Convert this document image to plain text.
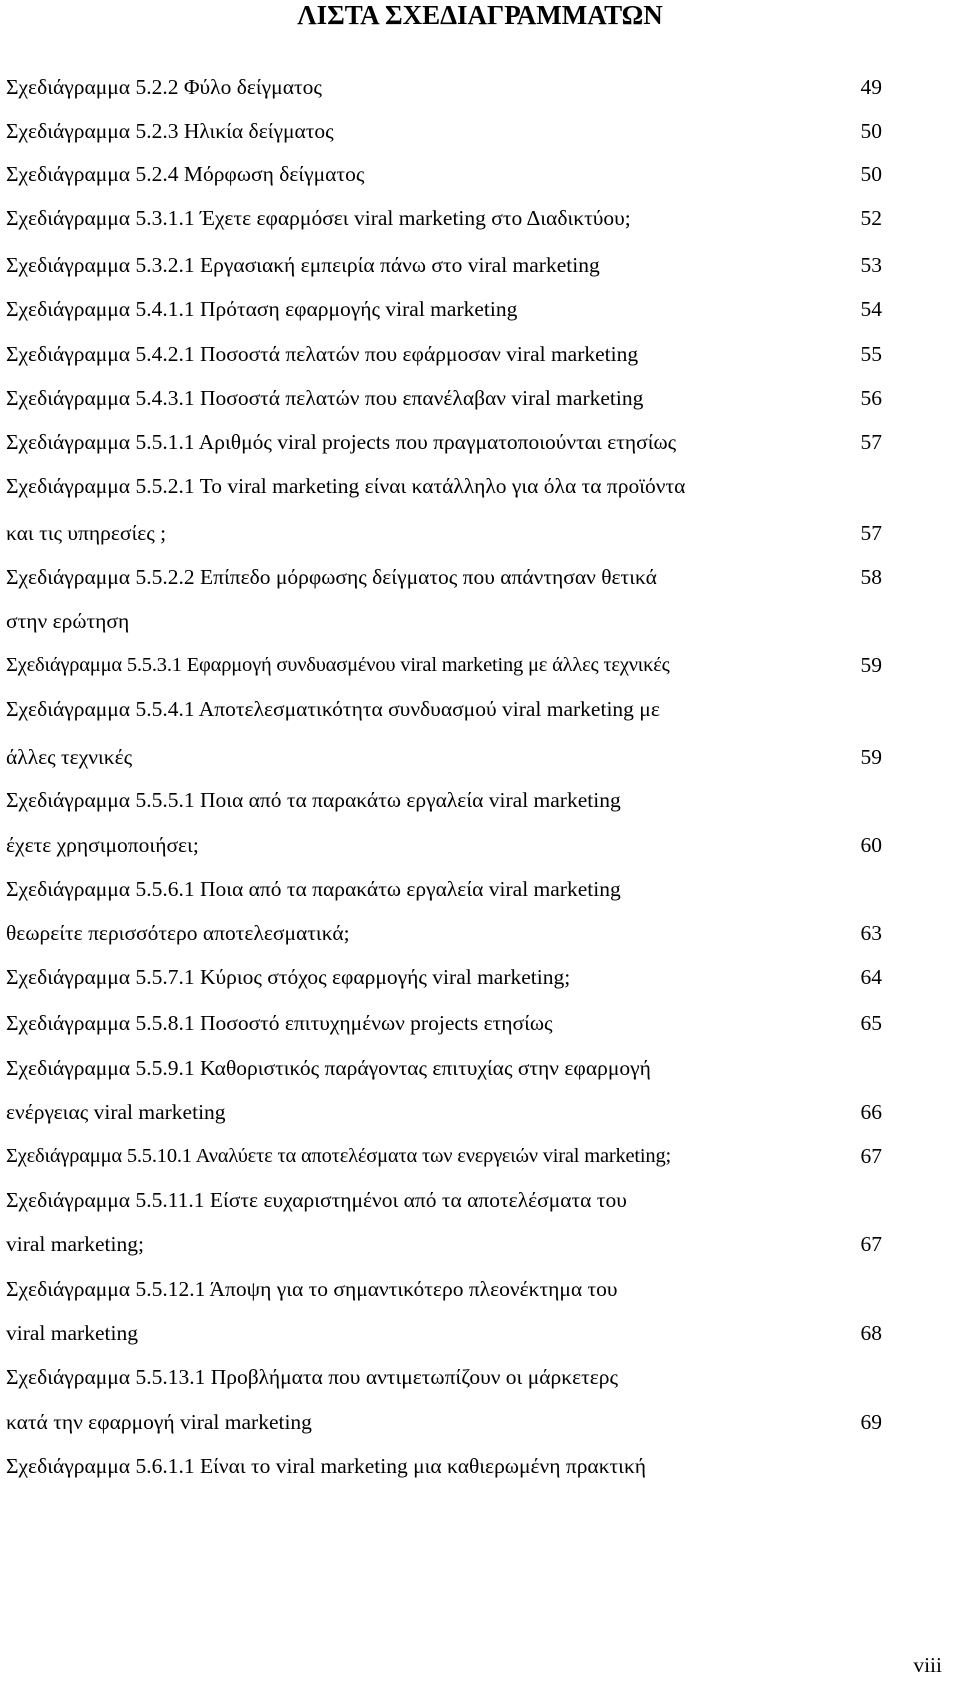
ΛΙΣΤΑ ΣΧΕΔΙΑΓΡΑΜΜΑΤΩΝ
Σχεδιάγραμμα 5.2.2 Φύλο δείγματος	49
Σχεδιάγραμμα 5.2.3 Ηλικία δείγματος	50
Σχεδιάγραμμα 5.2.4 Μόρφωση δείγματος	50
Σχεδιάγραμμα 5.3.1.1 Έχετε εφαρμόσει viral marketing στο Διαδικτύου;	52
Σχεδιάγραμμα 5.3.2.1 Εργασιακή εμπειρία πάνω στο viral marketing	53
Σχεδιάγραμμα 5.4.1.1 Πρόταση εφαρμογής viral marketing	54
Σχεδιάγραμμα 5.4.2.1 Ποσοστά πελατών που εφάρμοσαν viral marketing	55
Σχεδιάγραμμα 5.4.3.1 Ποσοστά πελατών που επανέλαβαν viral marketing	56
Σχεδιάγραμμα 5.5.1.1 Αριθμός viral projects που πραγματοποιούνται ετησίως	57
Σχεδιάγραμμα 5.5.2.1 Το viral marketing είναι κατάλληλο για όλα τα προϊόντα
και τις υπηρεσίες ;	57
Σχεδιάγραμμα 5.5.2.2 Επίπεδο μόρφωσης δείγματος που απάντησαν θετικά	58
στην ερώτηση
Σχεδιάγραμμα 5.5.3.1 Εφαρμογή συνδυασμένου viral marketing με άλλες τεχνικές	59
Σχεδιάγραμμα 5.5.4.1 Αποτελεσματικότητα συνδυασμού viral marketing με
άλλες τεχνικές	59
Σχεδιάγραμμα 5.5.5.1 Ποια από τα παρακάτω εργαλεία viral marketing
έχετε χρησιμοποιήσει;	60
Σχεδιάγραμμα 5.5.6.1 Ποια από τα παρακάτω εργαλεία viral marketing
θεωρείτε περισσότερο αποτελεσματικά;	63
Σχεδιάγραμμα 5.5.7.1 Κύριος στόχος εφαρμογής viral marketing;	64
Σχεδιάγραμμα 5.5.8.1 Ποσοστό επιτυχημένων projects ετησίως	65
Σχεδιάγραμμα 5.5.9.1 Καθοριστικός παράγοντας επιτυχίας στην εφαρμογή
ενέργειας viral marketing	66
Σχεδιάγραμμα 5.5.10.1 Αναλύετε τα αποτελέσματα των ενεργειών viral marketing;	67
Σχεδιάγραμμα 5.5.11.1 Είστε ευχαριστημένοι από τα αποτελέσματα του
viral marketing;	67
Σχεδιάγραμμα 5.5.12.1 Άποψη για το σημαντικότερο πλεονέκτημα του
viral marketing	68
Σχεδιάγραμμα 5.5.13.1 Προβλήματα που αντιμετωπίζουν οι μάρκετερς
κατά την εφαρμογή viral marketing	69
Σχεδιάγραμμα 5.6.1.1 Είναι το viral marketing μια καθιερωμένη πρακτική
viii
